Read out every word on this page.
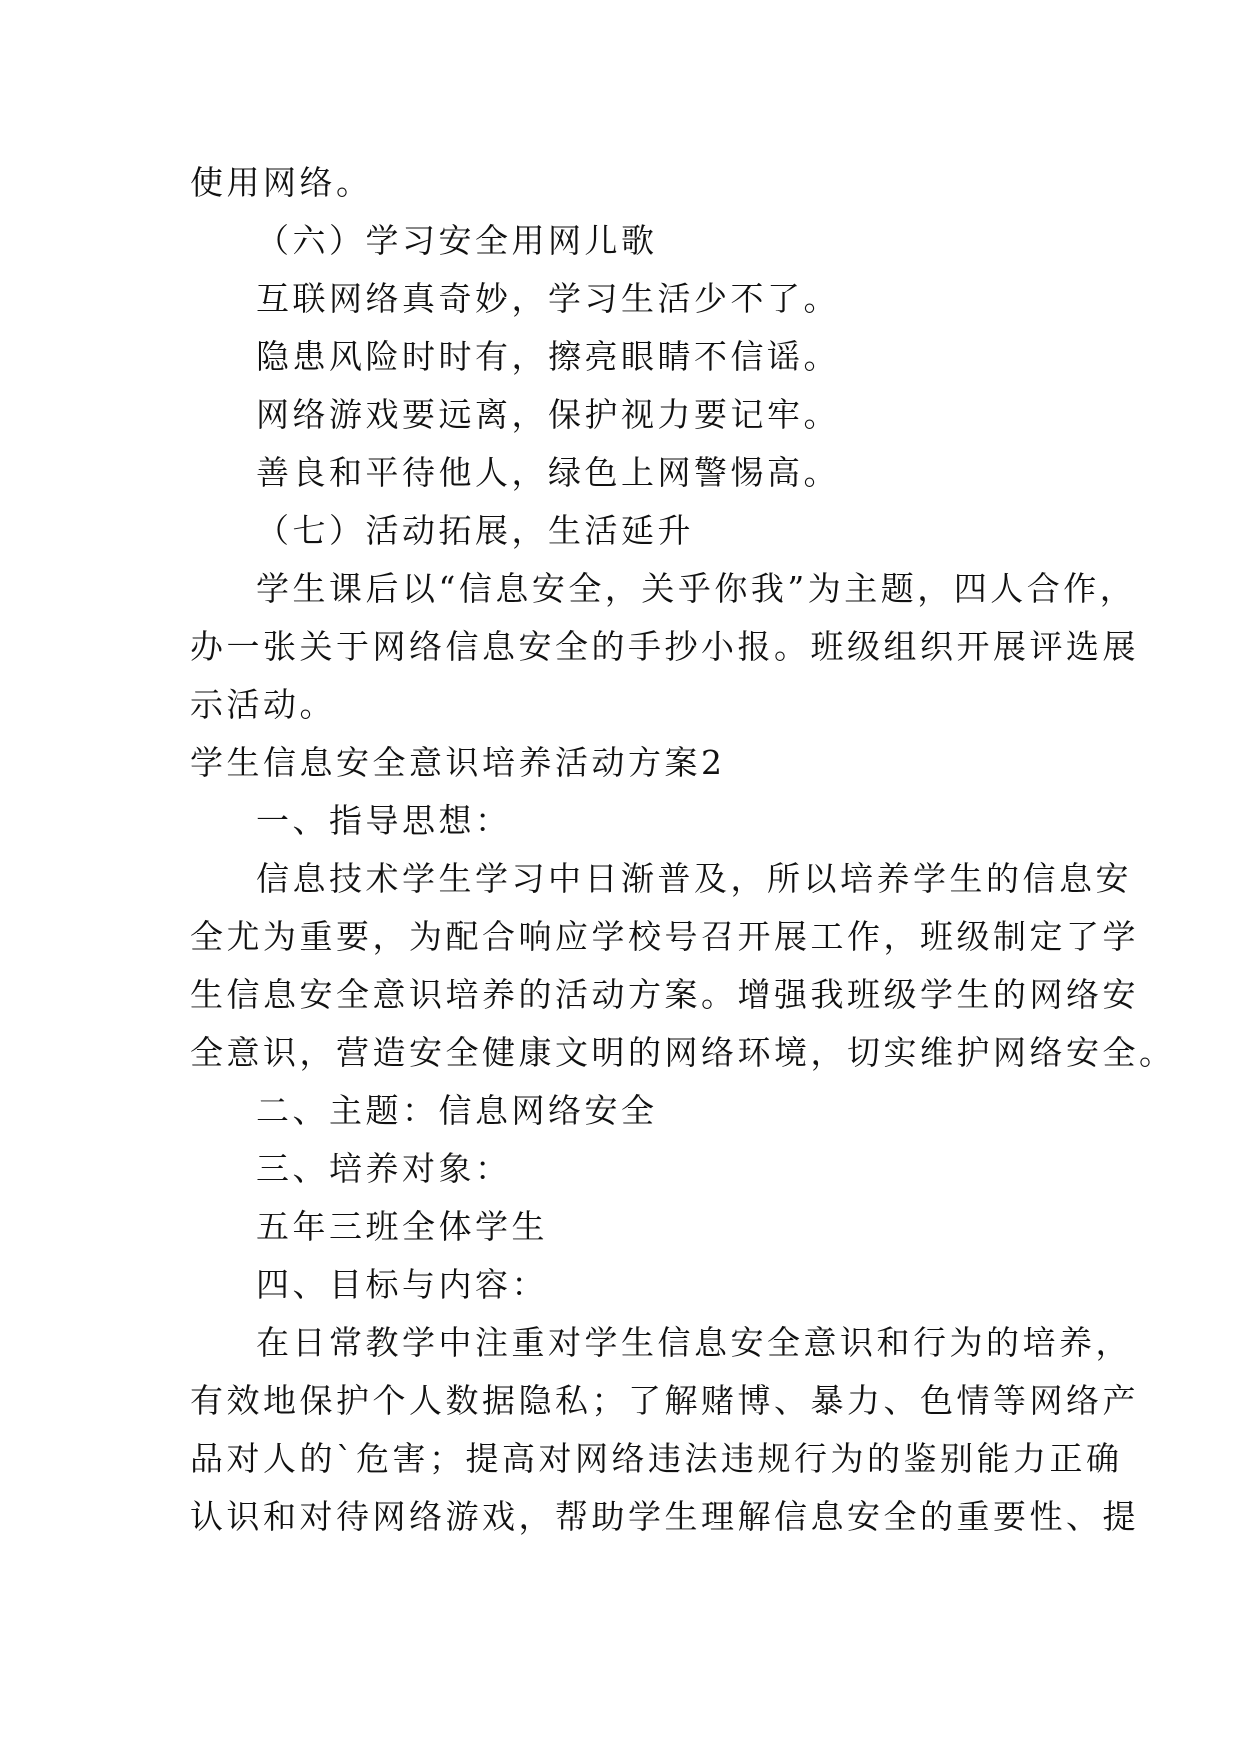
使用网络。
（六）学习安全用网儿歌
互联网络真奇妙，学习生活少不了。
隐患风险时时有，擦亮眼睛不信谣。
网络游戏要远离，保护视力要记牢。
善良和平待他人，绿色上网警惕高。
（七）活动拓展，生活延升
学生课后以“信息安全，关乎你我”为主题，四人合作，
办一张关于网络信息安全的手抄小报。班级组织开展评选展
示活动。
学生信息安全意识培养活动方案2
一、指导思想：
信息技术学生学习中日渐普及，所以培养学生的信息安
全尤为重要，为配合响应学校号召开展工作，班级制定了学
生信息安全意识培养的活动方案。增强我班级学生的网络安
全意识，营造安全健康文明的网络环境，切实维护网络安全。
二、主题：信息网络安全
三、培养对象：
五年三班全体学生
四、目标与内容：
在日常教学中注重对学生信息安全意识和行为的培养，
有效地保护个人数据隐私；了解赌博、暴力、色情等网络产
品对人的`危害；提高对网络违法违规行为的鉴别能力正确
认识和对待网络游戏，帮助学生理解信息安全的重要性、提
